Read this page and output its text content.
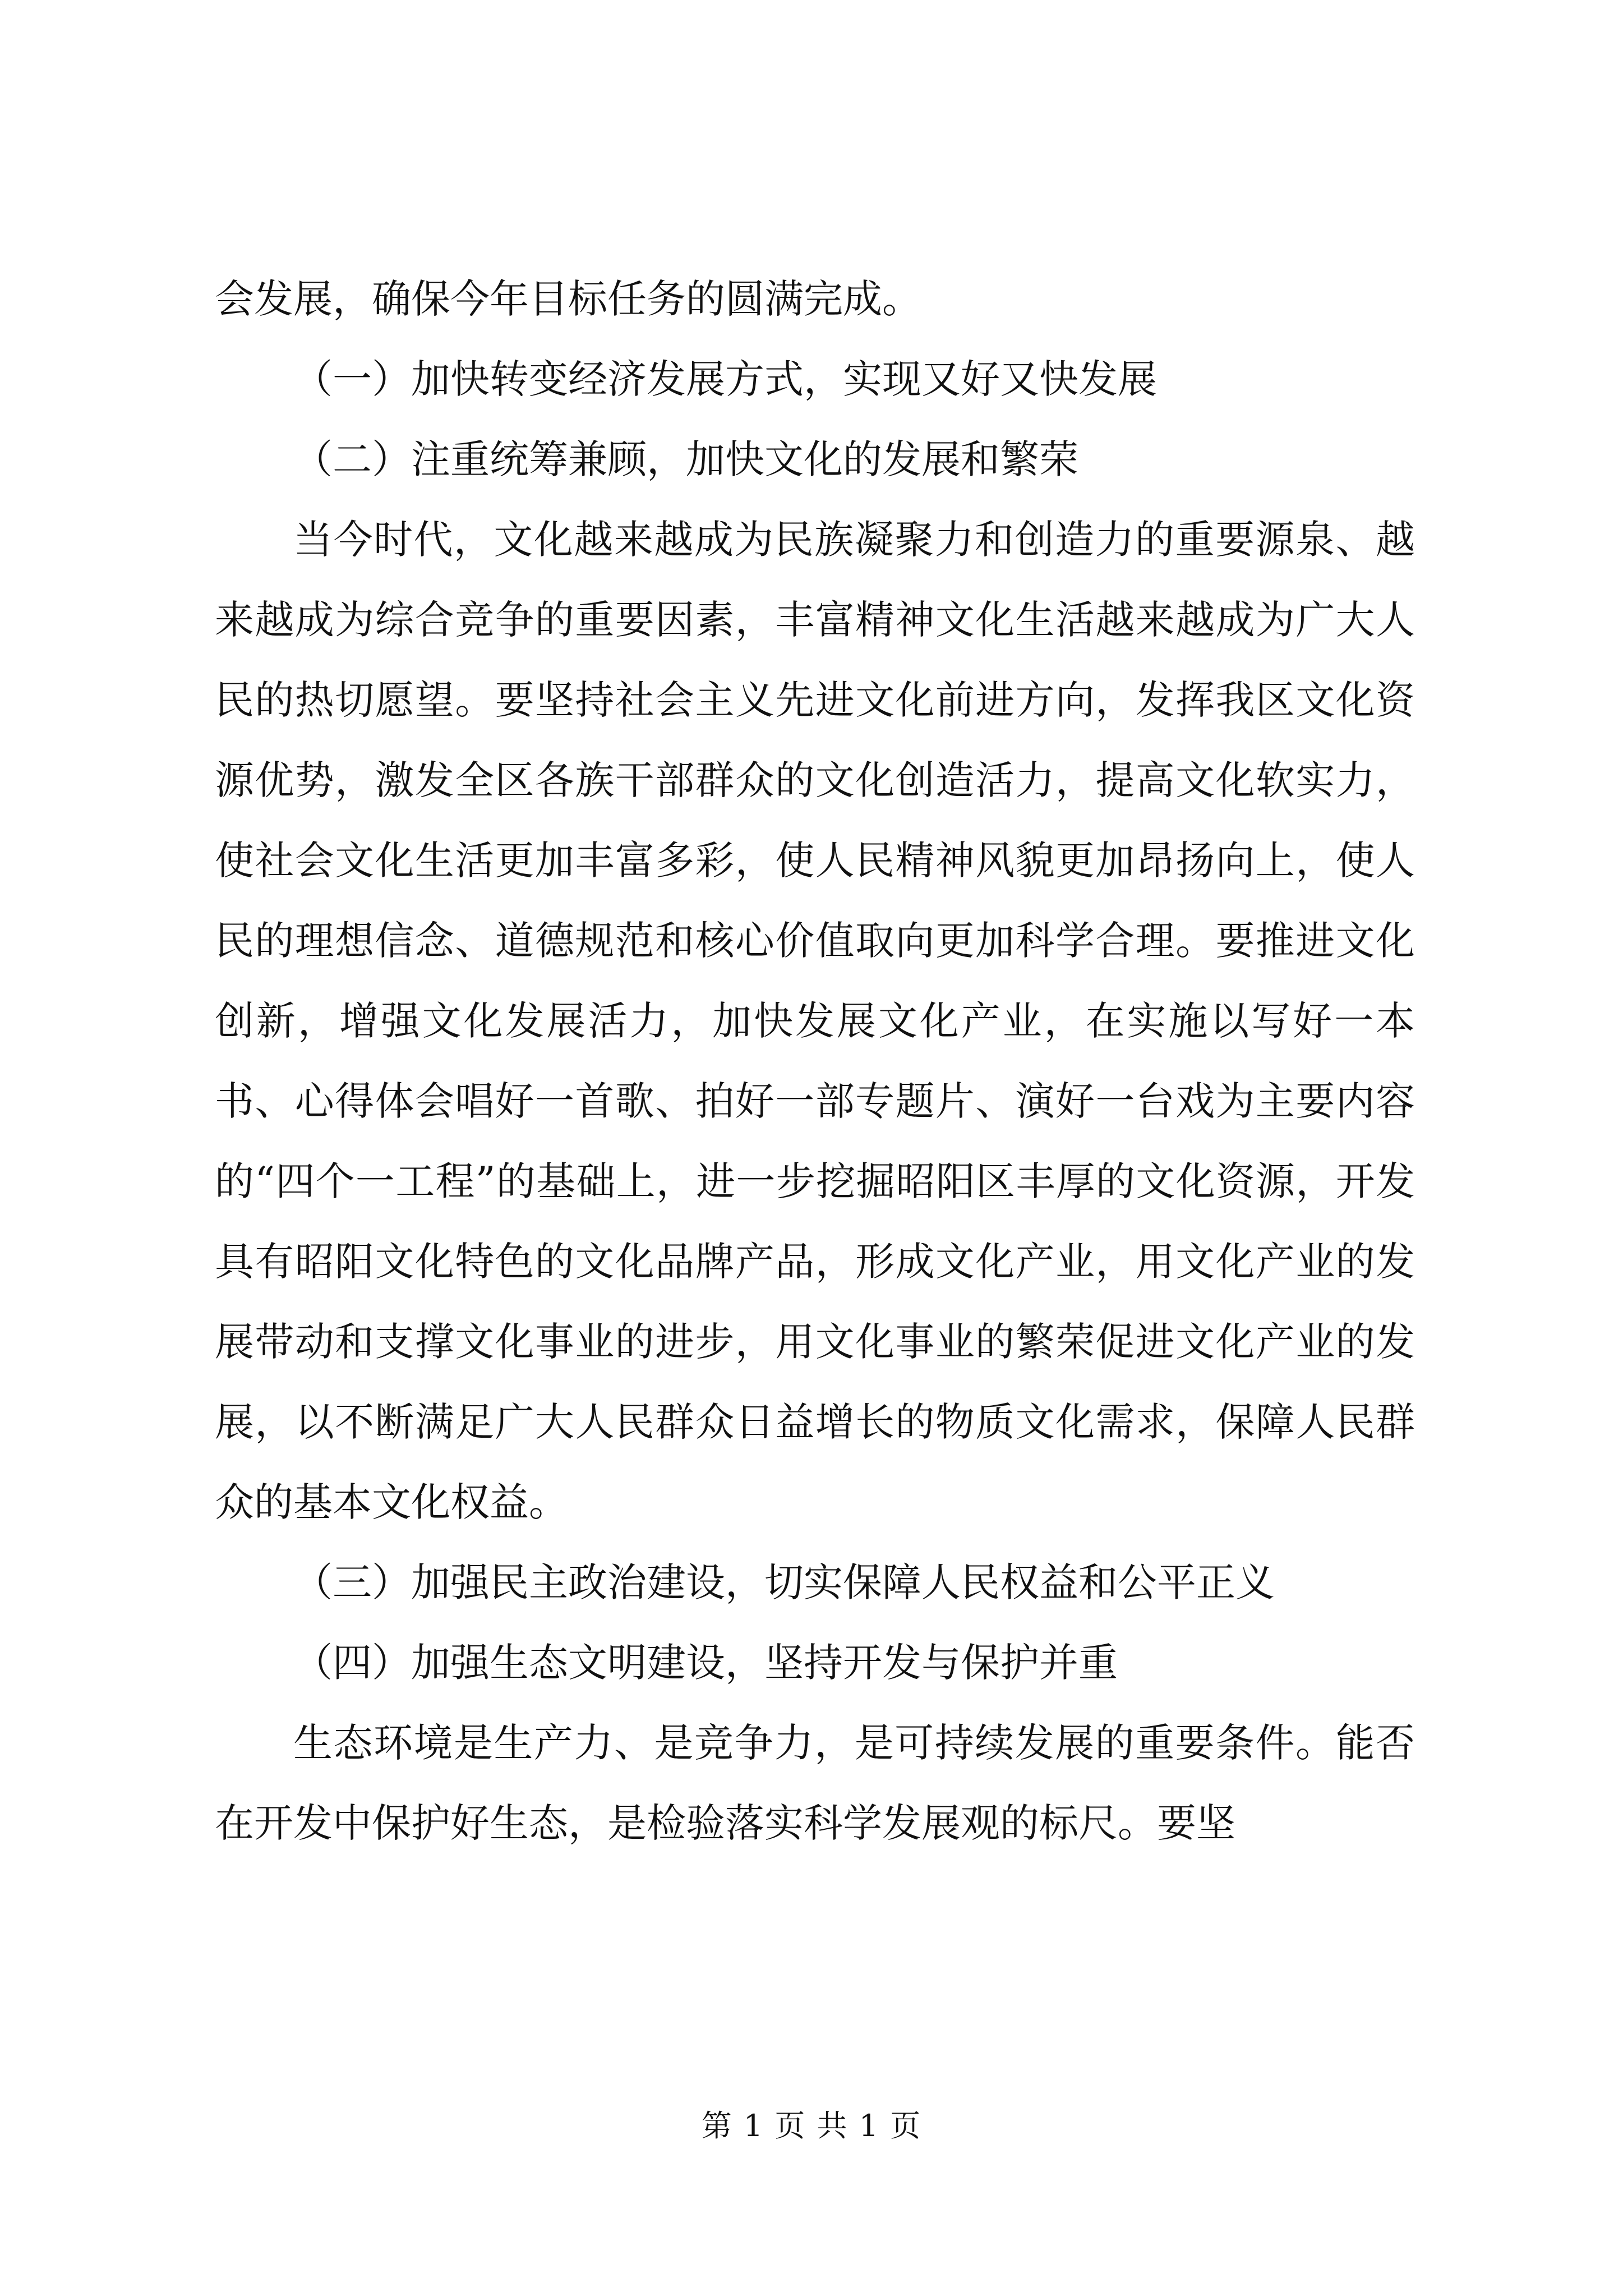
会发展，确保今年目标任务的圆满完成。

（一）加快转变经济发展方式，实现又好又快发展

（二）注重统筹兼顾，加快文化的发展和繁荣

当今时代，文化越来越成为民族凝聚力和创造力的重要源泉、越来越成为综合竞争的重要因素，丰富精神文化生活越来越成为广大人民的热切愿望。要坚持社会主义先进文化前进方向，发挥我区文化资源优势，激发全区各族干部群众的文化创造活力，提高文化软实力，使社会文化生活更加丰富多彩，使人民精神风貌更加昂扬向上，使人民的理想信念、道德规范和核心价值取向更加科学合理。要推进文化创新，增强文化发展活力，加快发展文化产业，在实施以写好一本书、心得体会唱好一首歌、拍好一部专题片、演好一台戏为主要内容的“四个一工程”的基础上，进一步挖掘昭阳区丰厚的文化资源，开发具有昭阳文化特色的文化品牌产品，形成文化产业，用文化产业的发展带动和支撑文化事业的进步，用文化事业的繁荣促进文化产业的发展，以不断满足广大人民群众日益增长的物质文化需求，保障人民群众的基本文化权益。

（三）加强民主政治建设，切实保障人民权益和公平正义

（四）加强生态文明建设，坚持开发与保护并重

生态环境是生产力、是竞争力，是可持续发展的重要条件。能否在开发中保护好生态，是检验落实科学发展观的标尺。要坚

第 1 页 共 1 页
